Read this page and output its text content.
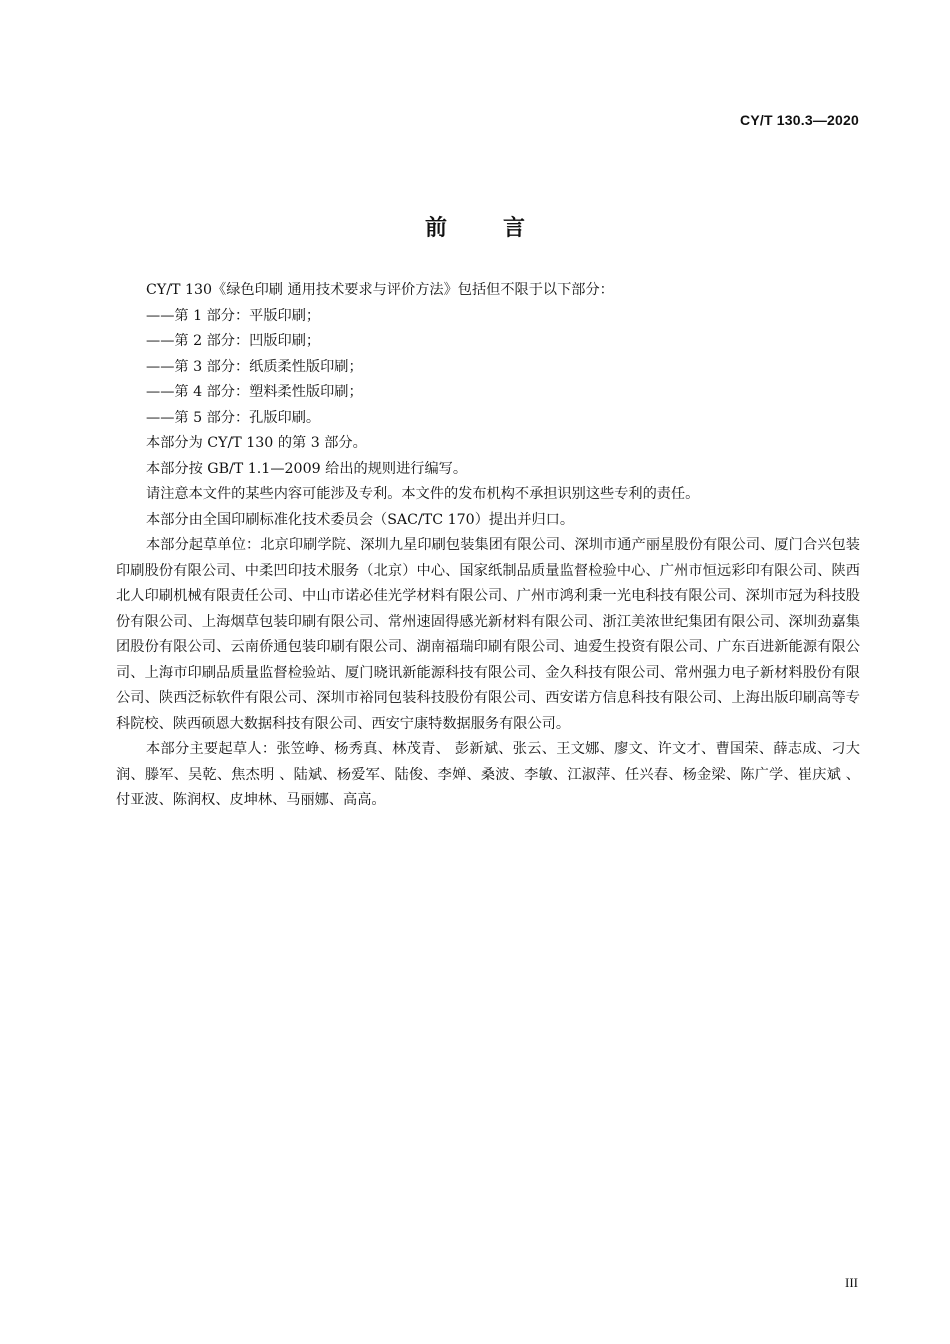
CY/T 130.3—2020
前言

CY/T 130《绿色印刷 通用技术要求与评价方法》包括但不限于以下部分：

——第 1 部分：平版印刷；

——第 2 部分：凹版印刷；

——第 3 部分：纸质柔性版印刷；

——第 4 部分：塑料柔性版印刷；

——第 5 部分：孔版印刷。

本部分为 CY/T 130 的第 3 部分。

本部分按 GB/T 1.1—2009 给出的规则进行编写。

请注意本文件的某些内容可能涉及专利。本文件的发布机构不承担识别这些专利的责任。

本部分由全国印刷标准化技术委员会（SAC/TC 170）提出并归口。

本部分起草单位：北京印刷学院、深圳九星印刷包装集团有限公司、深圳市通产丽星股份有限公司、厦门合兴包装印刷股份有限公司、中柔凹印技术服务（北京）中心、国家纸制品质量监督检验中心、广州市恒远彩印有限公司、陕西北人印刷机械有限责任公司、中山市诺必佳光学材料有限公司、广州市鸿利秉一光电科技有限公司、深圳市冠为科技股份有限公司、上海烟草包装印刷有限公司、常州速固得感光新材料有限公司、浙江美浓世纪集团有限公司、深圳劲嘉集团股份有限公司、云南侨通包装印刷有限公司、湖南福瑞印刷有限公司、迪爱生投资有限公司、广东百进新能源有限公司、上海市印刷品质量监督检验站、厦门晓讯新能源科技有限公司、金久科技有限公司、常州强力电子新材料股份有限公司、陕西泛标软件有限公司、深圳市裕同包装科技股份有限公司、西安诺方信息科技有限公司、上海出版印刷高等专科院校、陕西硕恩大数据科技有限公司、西安宁康特数据服务有限公司。

本部分主要起草人：张笠峥、杨秀真、林茂青、 彭新斌、张云、王文娜、廖文、许文才、曹国荣、薛志成、刁大润、滕军、吴乾、焦杰明 、陆斌、杨爱军、陆俊、李婵、桑波、李敏、江淑萍、任兴春、杨金梁、陈广学、崔庆斌 、付亚波、陈润权、皮坤林、马丽娜、高高。

III
